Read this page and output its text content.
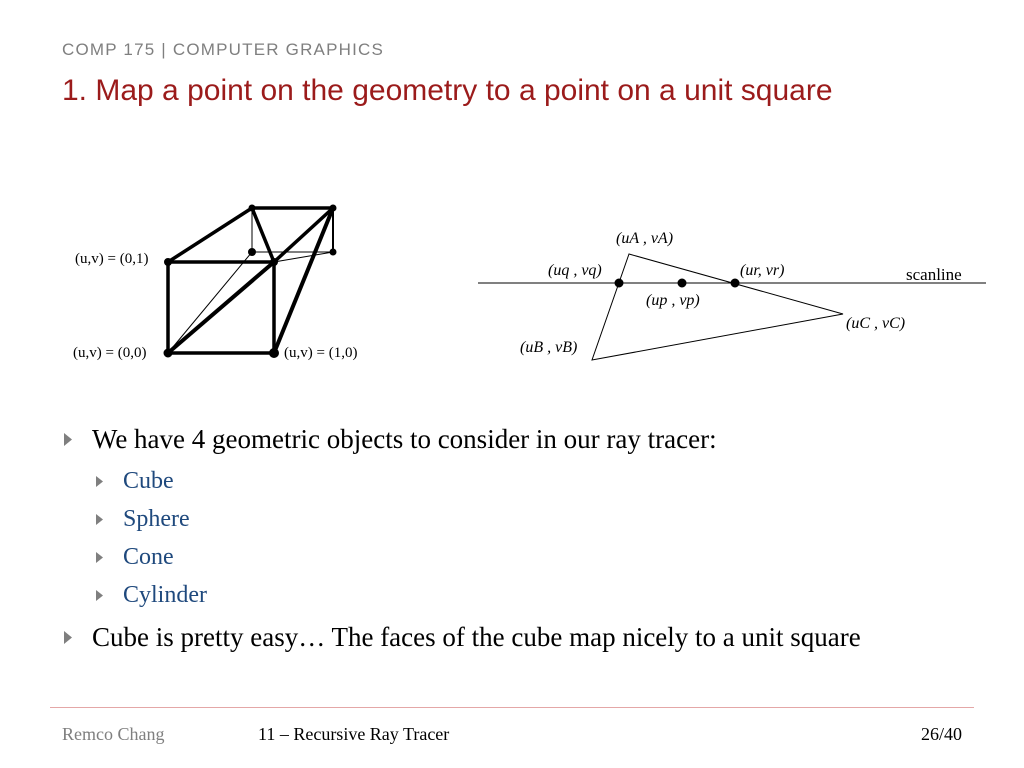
COMP 175 | COMPUTER GRAPHICS
1. Map a point on the geometry to a point on a unit square
(u,v) = (0,1)
(u,v) = (0,0)	(u,v) = (1,0)
(uA , vA)
(uq , vq)	(ur, vr)
(up , vp)
scanline
(uC , vC)
(uB , vB)
We have 4 geometric objects to consider in our ray tracer:
Cube
Sphere
Cone
Cylinder
Cube is pretty easy… The faces of the cube map nicely to a unit square
Remco Chang	11 – Recursive Ray Tracer	26/40
